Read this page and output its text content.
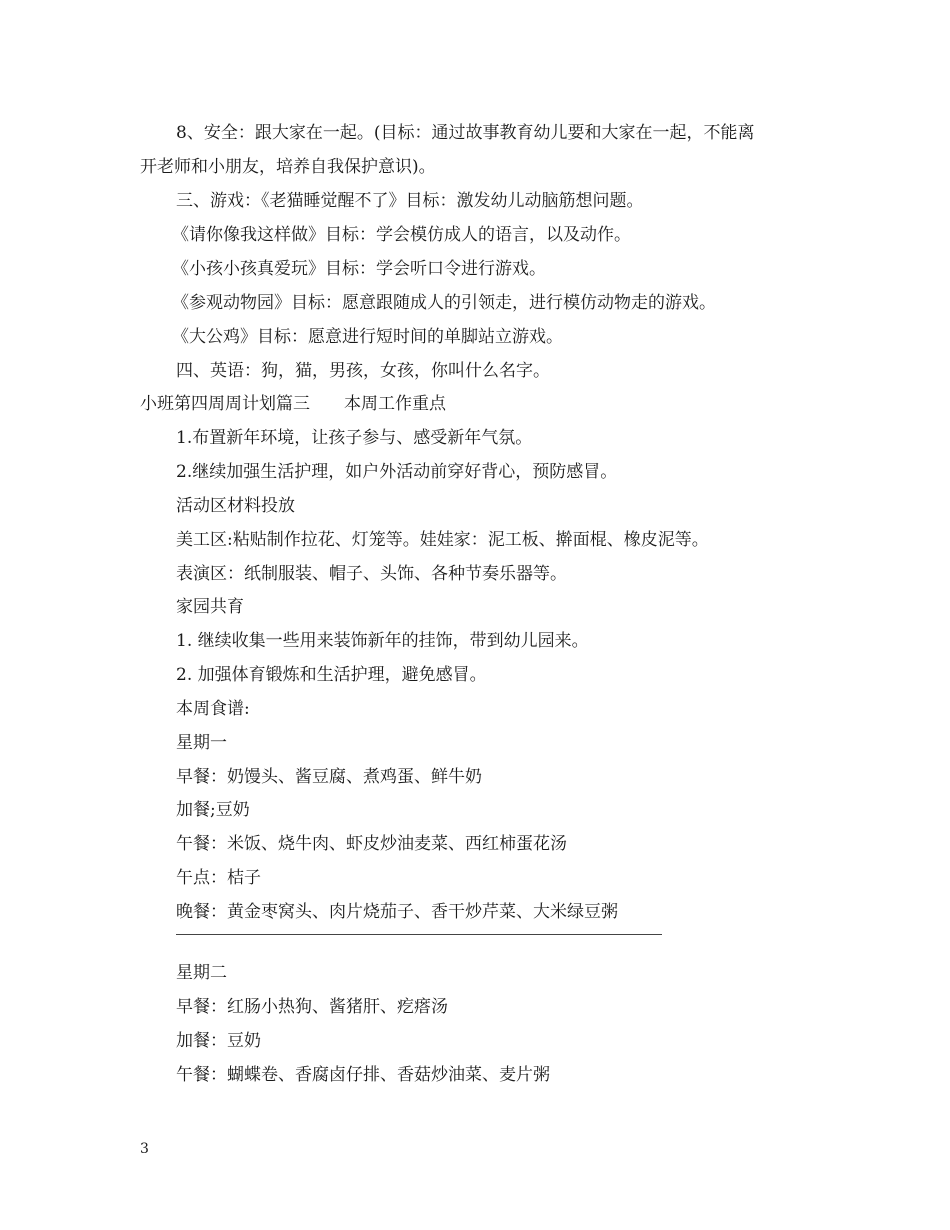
8、安全：跟大家在一起。(目标：通过故事教育幼儿要和大家在一起，不能离
开老师和小朋友，培养自我保护意识)。
三、游戏：《老猫睡觉醒不了》目标：激发幼儿动脑筋想问题。
《请你像我这样做》目标：学会模仿成人的语言，以及动作。
《小孩小孩真爱玩》目标：学会听口令进行游戏。
《参观动物园》目标：愿意跟随成人的引领走，进行模仿动物走的游戏。
《大公鸡》目标：愿意进行短时间的单脚站立游戏。
四、英语：狗，猫，男孩，女孩，你叫什么名字。
小班第四周周计划篇三　　本周工作重点
1.布置新年环境，让孩子参与、感受新年气氛。
2.继续加强生活护理，如户外活动前穿好背心，预防感冒。
活动区材料投放
美工区:粘贴制作拉花、灯笼等。娃娃家：泥工板、擀面棍、橡皮泥等。
表演区：纸制服装、帽子、头饰、各种节奏乐器等。
家园共育
1. 继续收集一些用来装饰新年的挂饰，带到幼儿园来。
2. 加强体育锻炼和生活护理，避免感冒。
本周食谱:
星期一
早餐：奶馒头、酱豆腐、煮鸡蛋、鲜牛奶
加餐;豆奶
午餐：米饭、烧牛肉、虾皮炒油麦菜、西红柿蛋花汤
午点：桔子
晚餐：黄金枣窝头、肉片烧茄子、香干炒芹菜、大米绿豆粥
星期二
早餐：红肠小热狗、酱猪肝、疙瘩汤
加餐：豆奶
午餐：蝴蝶卷、香腐卤仔排、香菇炒油菜、麦片粥
3
